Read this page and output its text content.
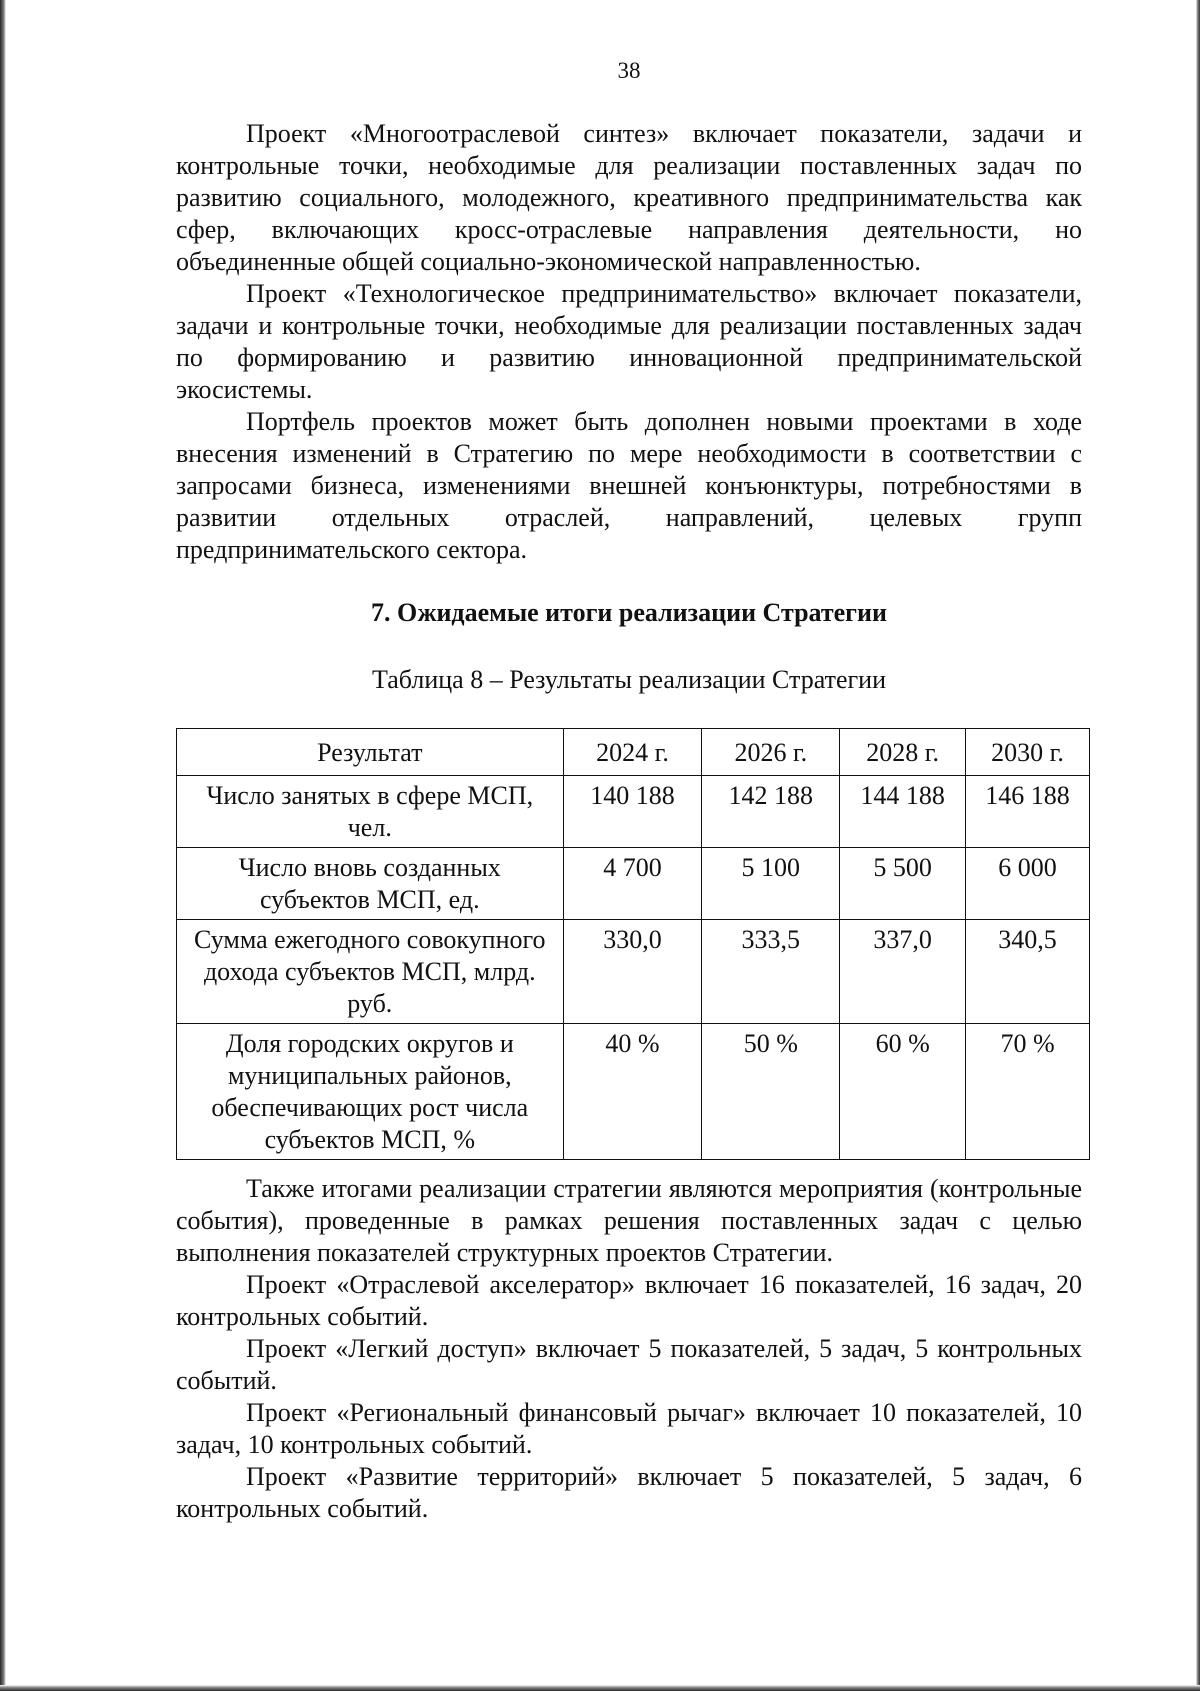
38

Проект «Многоотраслевой синтез» включает показатели, задачи и контрольные точки, необходимые для реализации поставленных задач по развитию социального, молодежного, креативного предпринимательства как сфер, включающих кросс-отраслевые направления деятельности, но объединенные общей социально-экономической направленностью.

Проект «Технологическое предпринимательство» включает показатели, задачи и контрольные точки, необходимые для реализации поставленных задач по формированию и развитию инновационной предпринимательской экосистемы.

Портфель проектов может быть дополнен новыми проектами в ходе внесения изменений в Стратегию по мере необходимости в соответствии с запросами бизнеса, изменениями внешней конъюнктуры, потребностями в развитии отдельных отраслей, направлений, целевых групп предпринимательского сектора.

7. Ожидаемые итоги реализации Стратегии
Таблица 8 – Результаты реализации Стратегии
Результат	2024 г.	2026 г.	2028 г.	2030 г.
Число занятых в сфере МСП, чел.	140 188	142 188	144 188	146 188
Число вновь созданных субъектов МСП, ед.	4 700	5 100	5 500	6 000
Сумма ежегодного совокупного дохода субъектов МСП, млрд. руб.	330,0	333,5	337,0	340,5
Доля городских округов и муниципальных районов, обеспечивающих рост числа субъектов МСП, %	40 %	50 %	60 %	70 %

Также итогами реализации стратегии являются мероприятия (контрольные события), проведенные в рамках решения поставленных задач с целью выполнения показателей структурных проектов Стратегии.

Проект «Отраслевой акселератор» включает 16 показателей, 16 задач, 20 контрольных событий.

Проект «Легкий доступ» включает 5 показателей, 5 задач, 5 контрольных событий.

Проект «Региональный финансовый рычаг» включает 10 показателей, 10 задач, 10 контрольных событий.

Проект «Развитие территорий» включает 5 показателей, 5 задач, 6 контрольных событий.
